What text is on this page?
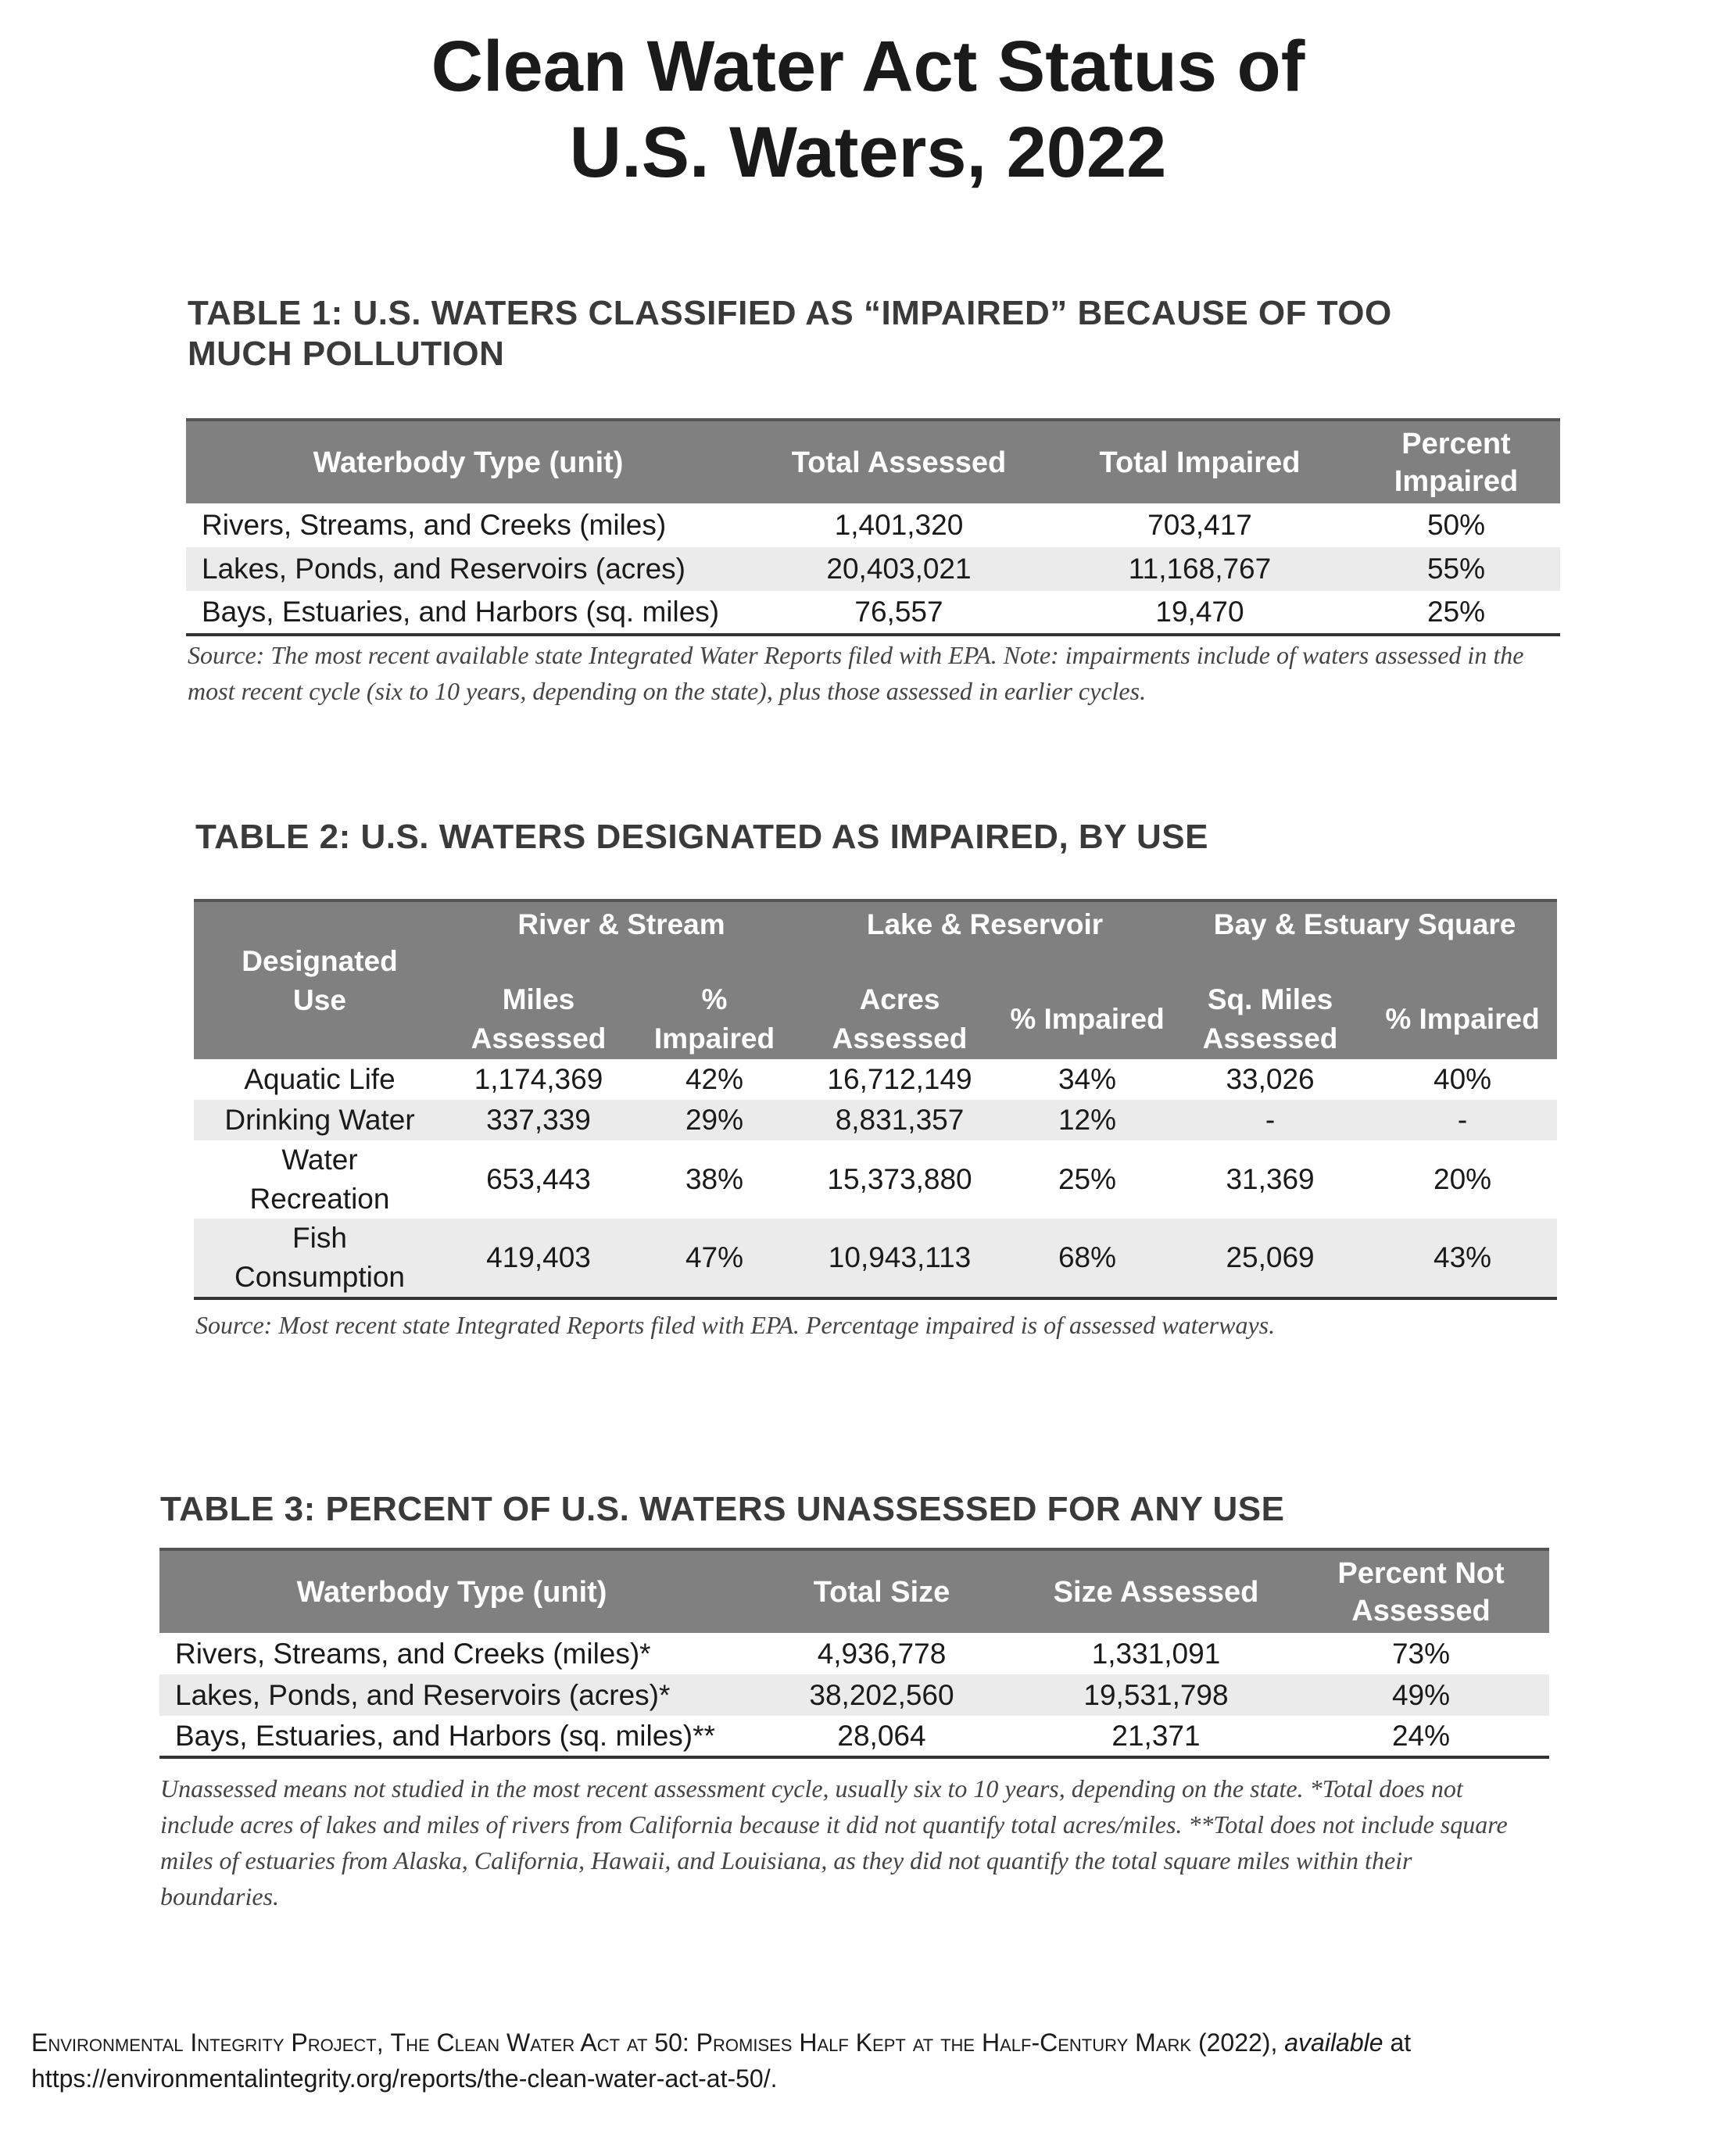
Clean Water Act Status of
U.S. Waters, 2022
TABLE 1: U.S. WATERS CLASSIFIED AS “IMPAIRED” BECAUSE OF TOO
MUCH POLLUTION
Waterbody Type (unit)	Total Assessed	Total Impaired	Percent Impaired
Rivers, Streams, and Creeks (miles)	1,401,320	703,417	50%
Lakes, Ponds, and Reservoirs (acres)	20,403,021	11,168,767	55%
Bays, Estuaries, and Harbors (sq. miles)	76,557	19,470	25%

Source: The most recent available state Integrated Water Reports filed with EPA. Note: impairments include of waters assessed in the most recent cycle (six to 10 years, depending on the state), plus those assessed in earlier cycles.

TABLE 2: U.S. WATERS DESIGNATED AS IMPAIRED, BY USE
Designated Use	River & Stream		Lake & Reservoir		Bay & Estuary Square	
	Miles Assessed	% Impaired	Acres Assessed	% Impaired	Sq. Miles Assessed	% Impaired
Aquatic Life	1,174,369	42%	16,712,149	34%	33,026	40%
Drinking Water	337,339	29%	8,831,357	12%	-	-
Water Recreation	653,443	38%	15,373,880	25%	31,369	20%
Fish Consumption	419,403	47%	10,943,113	68%	25,069	43%

Source: Most recent state Integrated Reports filed with EPA. Percentage impaired is of assessed waterways.

TABLE 3: PERCENT OF U.S. WATERS UNASSESSED FOR ANY USE
Waterbody Type (unit)	Total Size	Size Assessed	Percent Not Assessed
Rivers, Streams, and Creeks (miles)*	4,936,778	1,331,091	73%
Lakes, Ponds, and Reservoirs (acres)*	38,202,560	19,531,798	49%
Bays, Estuaries, and Harbors (sq. miles)**	28,064	21,371	24%

Unassessed means not studied in the most recent assessment cycle, usually six to 10 years, depending on the state. *Total does not include acres of lakes and miles of rivers from California because it did not quantify total acres/miles. **Total does not include square miles of estuaries from Alaska, California, Hawaii, and Louisiana, as they did not quantify the total square miles within their boundaries.

Environmental Integrity Project, The Clean Water Act at 50: Promises Half Kept at the Half-Century Mark (2022), available at https://environmentalintegrity.org/reports/the-clean-water-act-at-50/.
